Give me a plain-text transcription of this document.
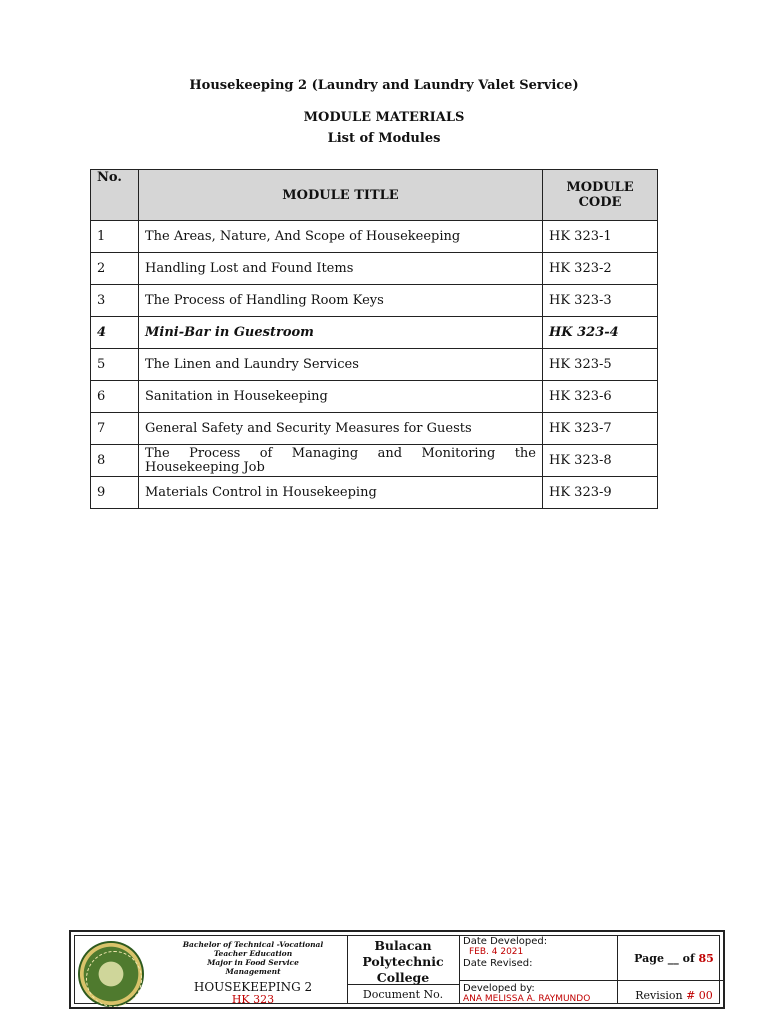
Housekeeping 2 (Laundry and Laundry Valet Service)
MODULE MATERIALS
List of Modules
No.	MODULE TITLE	MODULE
CODE

1	The Areas, Nature, And Scope of Housekeeping	HK 323-1
2	Handling Lost and Found Items	HK 323-2
3	The Process of Handling Room Keys	HK 323-3
4	Mini-Bar in Guestroom	HK 323-4
5	The Linen and Laundry Services	HK 323-5
6	Sanitation in Housekeeping	HK 323-6
7	General Safety and Security Measures for Guests	HK 323-7
8	The Process of Managing and Monitoring the Housekeeping Job	HK 323-8
9	Materials Control in Housekeeping	HK 323-9
Bachelor of Technical -Vocational
Teacher Education
Major in Food Service
Management
HOUSEKEEPING 2
HK 323
Bulacan
Polytechnic
College
Document No.
Date Developed:
FEB. 4 2021
Date Revised:
Developed by:
ANA MELISSA A. RAYMUNDO
Page __ of 85
Revision # 00
